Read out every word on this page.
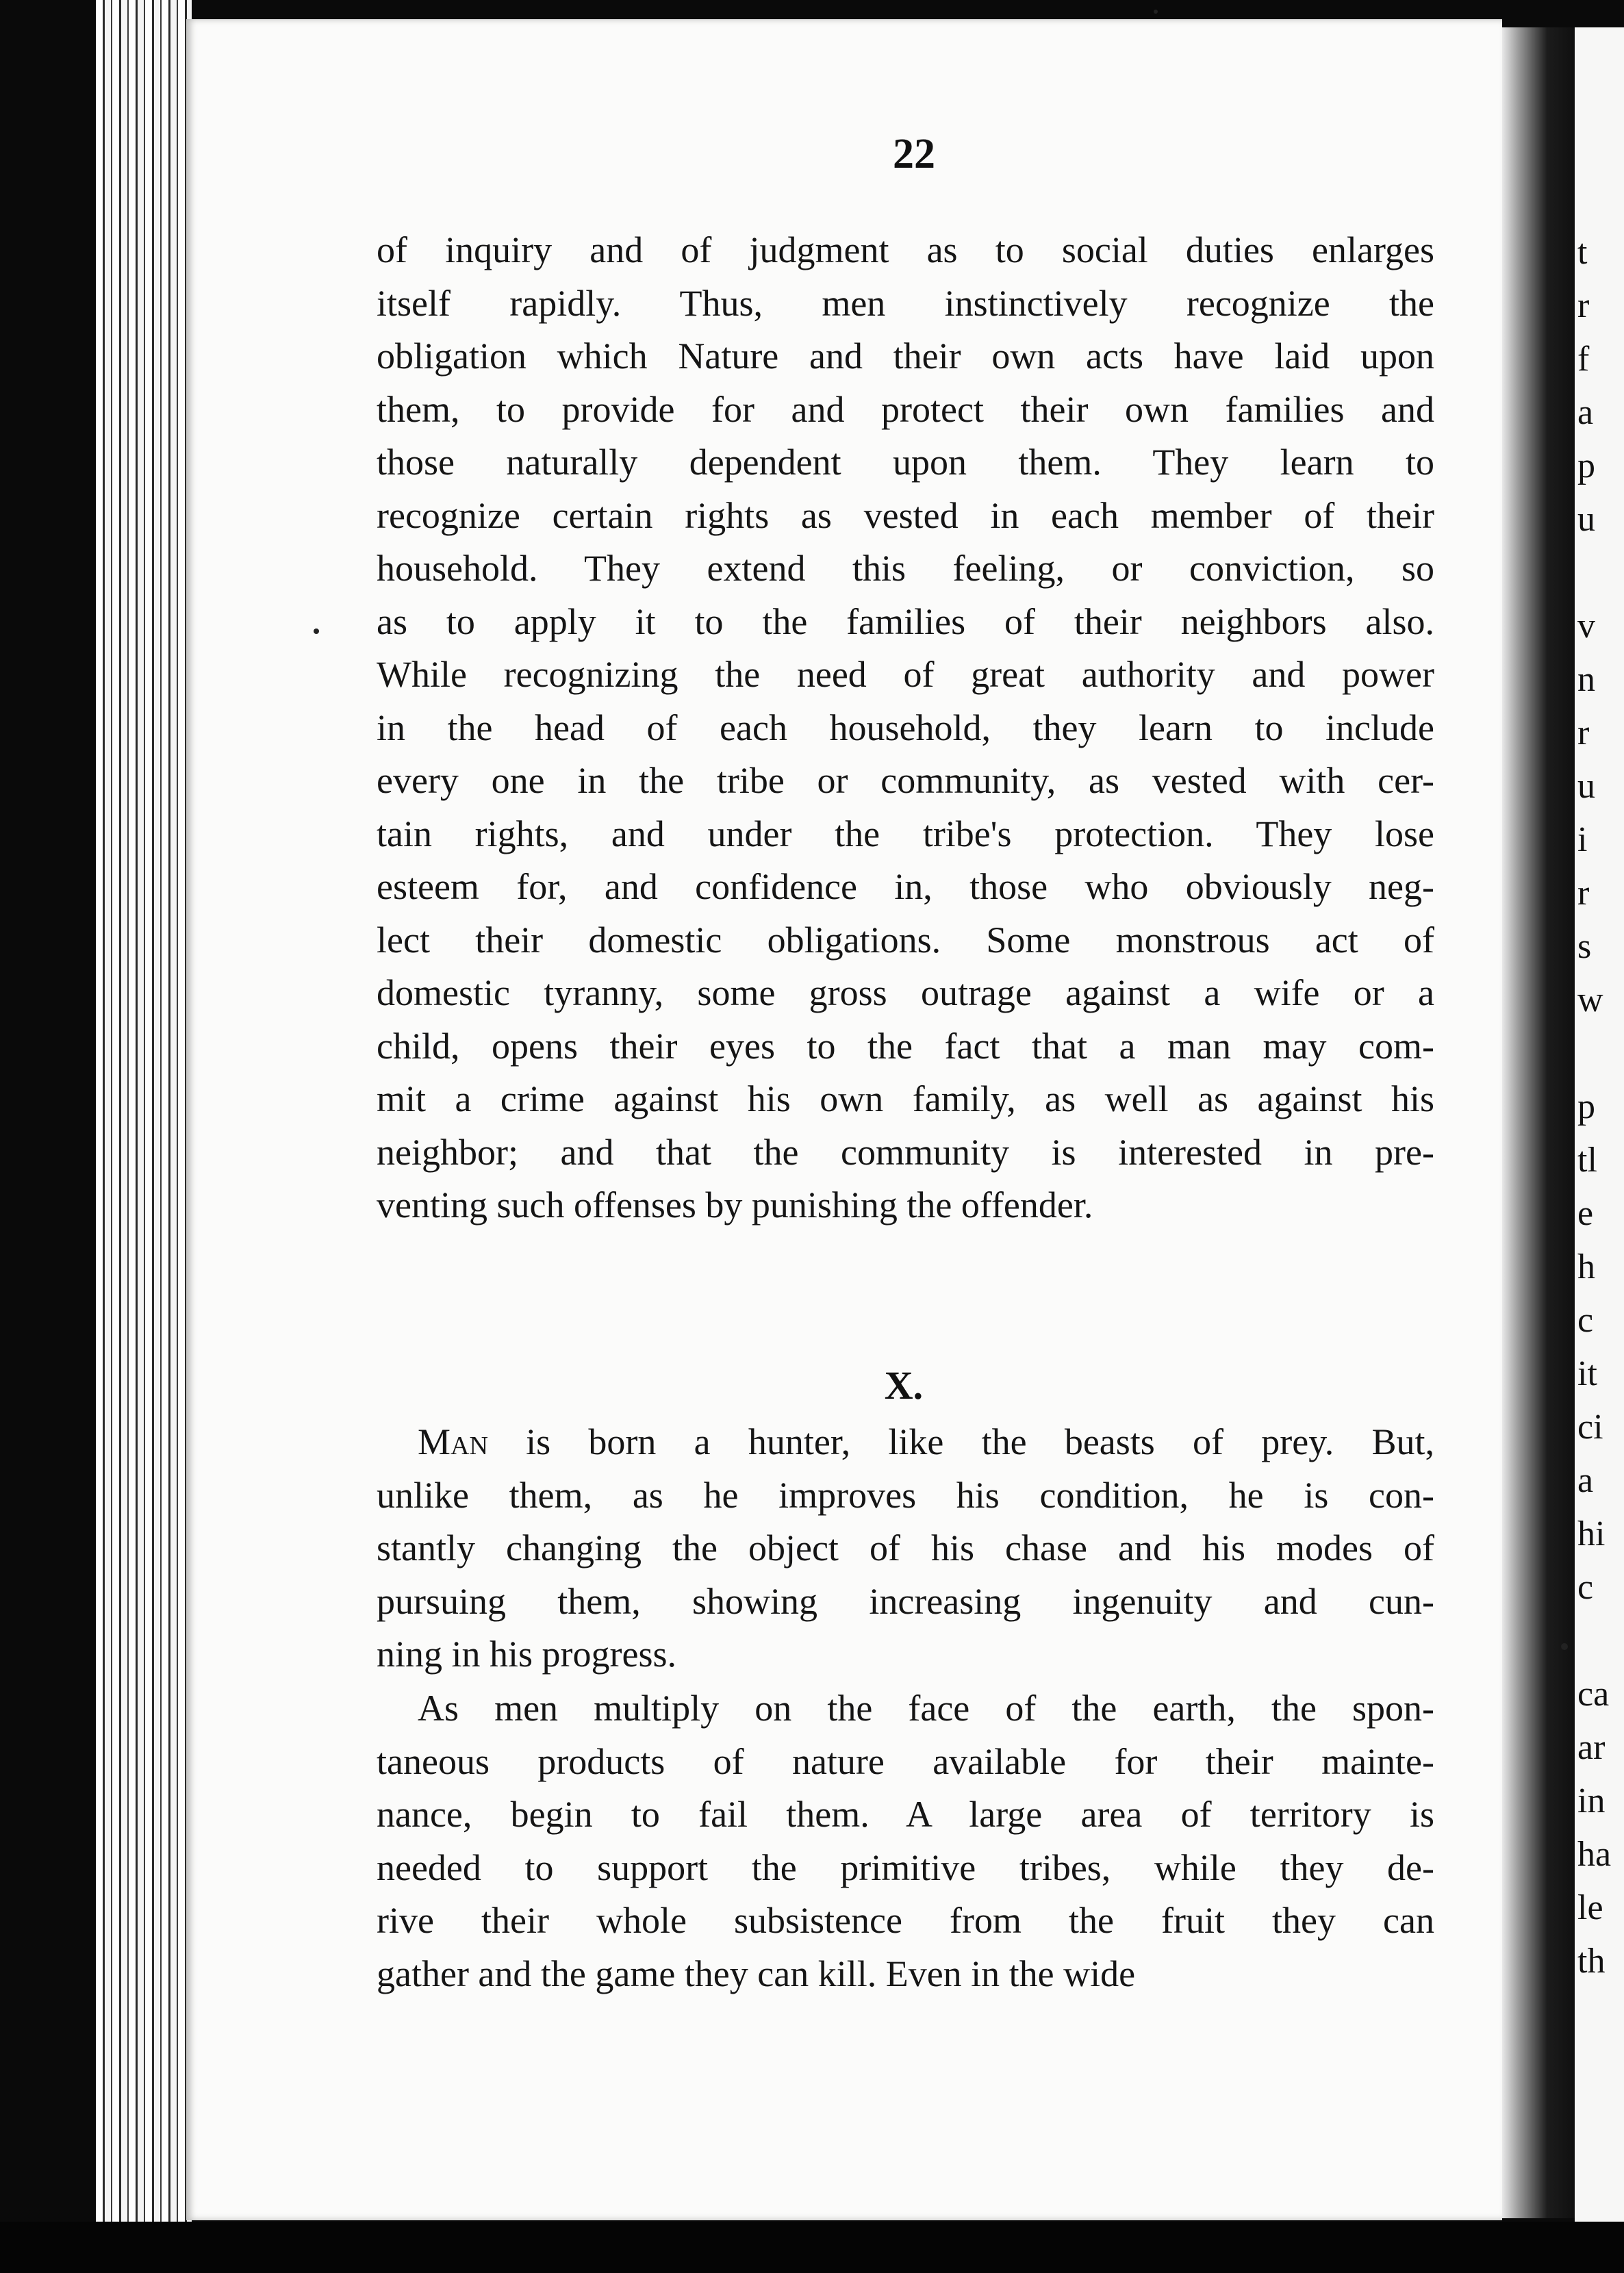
t
r
f
a
p
u
v
n
r
u
i
r
s
w
p
tl
e
h
c
it
ci
a
hi
c
ca
ar
in
ha
le
th
22
of inquiry and of judgment as to social duties enlarges
itself rapidly. Thus, men instinctively recognize the
obligation which Nature and their own acts have laid upon
them, to provide for and protect their own families and
those naturally dependent upon them. They learn to
recognize certain rights as vested in each member of their
household. They extend this feeling, or conviction, so
as to apply it to the families of their neighbors also.
While recognizing the need of great authority and power
in the head of each household, they learn to include
every one in the tribe or community, as vested with cer-
tain rights, and under the tribe's protection. They lose
esteem for, and confidence in, those who obviously neg-
lect their domestic obligations. Some monstrous act of
domestic tyranny, some gross outrage against a wife or a
child, opens their eyes to the fact that a man may com-
mit a crime against his own family, as well as against his
neighbor; and that the community is interested in pre-
venting such offenses by punishing the offender.
X.
Man is born a hunter, like the beasts of prey. But,
unlike them, as he improves his condition, he is con-
stantly changing the object of his chase and his modes of
pursuing them, showing increasing ingenuity and cun-
ning in his progress.
As men multiply on the face of the earth, the spon-
taneous products of nature available for their mainte-
nance, begin to fail them. A large area of territory is
needed to support the primitive tribes, while they de-
rive their whole subsistence from the fruit they can
gather and the game they can kill. Even in the wide
